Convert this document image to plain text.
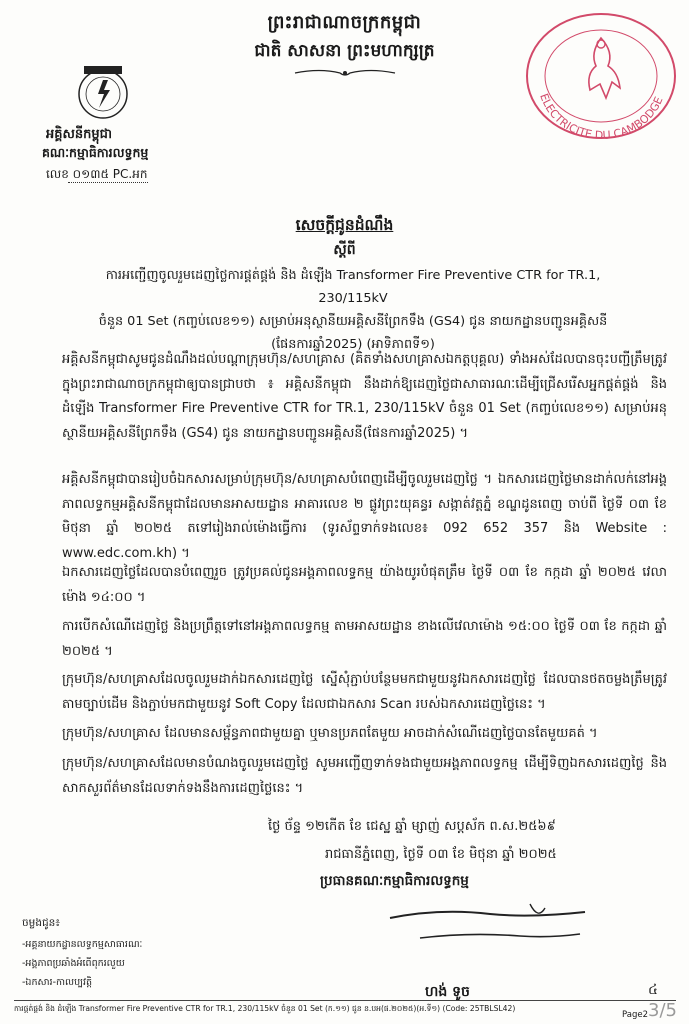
ព្រះរាជាណាចក្រកម្ពុជា
ជាតិ សាសនា ព្រះមហាក្សត្រ
អគ្គិសនីកម្ពុជា
គណៈកម្មាធិការលទ្ធកម្ម
លេខ ០១៣៥ PC.អក
ELECTRICITE DU CAMBODGE
សេចក្តីជូនដំណឹង
ស្តីពី
ការអញ្ជើញចូលរួមដេញថ្លៃការផ្គត់ផ្គង់ និង ដំឡើង Transformer Fire Preventive CTR for TR.1, 230/115kV
ចំនួន 01 Set (កញ្ចប់លេខ១១) សម្រាប់អនុស្ថានីយអគ្គិសនីព្រែកទឹង (GS4) ជូន នាយកដ្ឋានបញ្ជូនអគ្គិសនី
(ផែនការឆ្នាំ2025) (អាទិភាពទី១)
អគ្គិសនីកម្ពុជាសូមជូនដំណឹងដល់បណ្តាក្រុមហ៊ុន/សហគ្រាស (គិតទាំងសហគ្រាសឯកត្តបុគ្គល) ទាំងអស់ដែលបានចុះបញ្ជីត្រឹមត្រូវក្នុងព្រះរាជាណាចក្រកម្ពុជាឲ្យបានជ្រាបថា ៖ អគ្គិសនីកម្ពុជា នឹងដាក់ឱ្យដេញថ្លៃជាសាធារណៈដើម្បីជ្រើសរើសអ្នកផ្គត់ផ្គង់ និង ដំឡើង Transformer Fire Preventive CTR for TR.1, 230/115kV ចំនួន 01 Set (កញ្ចប់លេខ១១) សម្រាប់អនុស្ថានីយអគ្គិសនីព្រែកទឹង (GS4) ជូន នាយកដ្ឋានបញ្ជូនអគ្គិសនី(ផែនការឆ្នាំ2025) ។
អគ្គិសនីកម្ពុជាបានរៀបចំឯកសារសម្រាប់ក្រុមហ៊ុន/សហគ្រាសបំពេញដើម្បីចូលរួមដេញថ្លៃ ។ ឯកសារដេញថ្លៃមានដាក់លក់នៅអង្គភាពលទ្ធកម្មអគ្គិសនីកម្ពុជាដែលមានអាសយដ្ឋាន អាគារលេខ ២ ផ្លូវព្រះយុគន្ធរ សង្កាត់វត្តភ្នំ ខណ្ឌដូនពេញ ចាប់ពី ថ្ងៃទី ០៣ ខែ មិថុនា ឆ្នាំ ២០២៥ តទៅរៀងរាល់ម៉ោងធ្វើការ (ទូរស័ព្ទទាក់ទងលេខ៖ 092 652 357 និង Website : www.edc.com.kh) ។
ឯកសារដេញថ្លៃដែលបានបំពេញរួច ត្រូវប្រគល់ជូនអង្គភាពលទ្ធកម្ម យ៉ាងយូរបំផុតត្រឹម ថ្ងៃទី ០៣ ខែ កក្កដា ឆ្នាំ ២០២៥ វេលាម៉ោង ១៤:០០ ។
ការបើកសំណើដេញថ្លៃ និងប្រព្រឹត្តទៅនៅអង្គភាពលទ្ធកម្ម តាមអាសយដ្ឋាន ខាងលើវេលាម៉ោង ១៥:០០ ថ្ងៃទី ០៣ ខែ កក្កដា ឆ្នាំ ២០២៥ ។
ក្រុមហ៊ុន/សហគ្រាសដែលចូលរួមដាក់ឯកសារដេញថ្លៃ ស្នើសុំភ្ជាប់បន្ថែមមកជាមួយនូវឯកសារដេញថ្លៃ ដែលបានថតចម្លងត្រឹមត្រូវតាមច្បាប់ដើម និងភ្ជាប់មកជាមួយនូវ Soft Copy ដែលជាឯកសារ Scan របស់ឯកសារដេញថ្លៃនេះ ។
ក្រុមហ៊ុន/សហគ្រាស ដែលមានសម្ព័ន្ធភាពជាមួយគ្នា ឬមានប្រភពតែមួយ អាចដាក់សំណើដេញថ្លៃបានតែមួយគត់ ។
ក្រុមហ៊ុន/សហគ្រាសដែលមានបំណងចូលរួមដេញថ្លៃ សូមអញ្ជើញទាក់ទងជាមួយអង្គភាពលទ្ធកម្ម ដើម្បីទិញឯកសារដេញថ្លៃ និងសាកសួរព័ត៌មានដែលទាក់ទងនឹងការដេញថ្លៃនេះ ។
ថ្ងៃ ច័ន្ទ ១២កើត ខែ ជេស្ឋ ឆ្នាំ ម្សាញ់ សប្តស័ក ព.ស.២៥៦៩
រាជធានីភ្នំពេញ, ថ្ងៃទី ០៣ ខែ មិថុនា ឆ្នាំ ២០២៥
ប្រធានគណៈកម្មាធិការលទ្ធកម្ម
ហង់ ទូច	៤
ចម្លងជូន៖
-អគ្គនាយកដ្ឋានលទ្ធកម្មសាធារណៈ
-អង្គភាពប្រឆាំងអំពើពុករលួយ
-ឯកសារ-កាលប្បវត្តិ
ការផ្គត់ផ្គង់ និង ដំឡើង Transformer Fire Preventive CTR for TR.1, 230/115kV ចំនួន 01 Set (ក.១១) ជូន ន.បអ(ផ.២០២៥)(អ.ទី១) (Code: 25TBLSL42)
Page2 3/5
